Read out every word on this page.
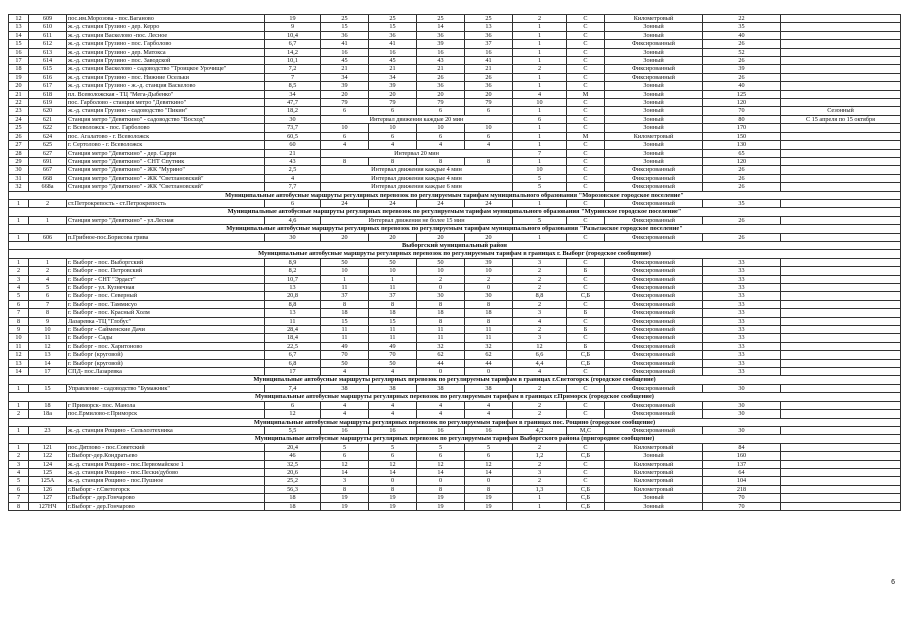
12	609	пос.им.Морозова - пос.Ваганово	19	25	25	25	25	2	С	Километровый	22		
13	610	ж.-д. станция Грузино - дер. Керро	9	15	15	14	13	1	С	Зонный	35		
14	611	ж.-д. станция Васкелово -пос. Лесное	10,4	36	36	36	36	1	С	Зонный	40		
15	612	ж.-д. станция Грузино - пос. Гарболово	6,7	41	41	39	37	1	С	Фиксированный	26		
16	613	ж.-д. станция Грузино - дер. Матокса	14,2	16	16	16	16	1	С	Зонный	52		
17	614	ж.-д. станция Грузино - пос. Заводской	10,1	45	45	43	41	1	С	Зонный	26		
18	615	ж.-д. станция Васкелово - садоводство "Троицкое Урочище"	7,2	21	21	21	21	2	С	Фиксированный	39		
19	616	ж.-д. станция Грузино - пос. Нижние Осельки	7	34	34	26	26	1	С	Фиксированный	26		
20	617	ж.-д. станция Грузино - ж.-д. станция Васкелово	8,5	39	39	36	36	1	С	Зонный	40		
21	618	пл. Всеволожская - ТЦ "Мега-Дыбенко"	34	20	20	20	20	4	М	Зонный	125		
22	619	пос. Гарболово - станция метро "Девяткино"	47,7	79	79	79	79	10	С	Зонный	120		
23	620	ж.-д. станция Грузино - садоводство "Пикин"	18,2	6	6	6	6	1	С	Зонный	70	Сезонный	
24	621	Станция метро "Девяткино" - садоводство "Восход"	30	Интервал движения каждые 20 мин				6	С	Зонный	80	С 15 апреля по 15 октября	
25	622	г. Всеволожск - пос. Гарболово	73,7	10	10	10	10	1	С	Зонный	170		
26	624	пос. Агалатово - г. Всеволожск	60,5	6	6	6	6	1	М	Километровый	150		
27	625	г. Сертолово - г. Всеволожск	60	4	4	4	4	1	С	Зонный	130		
28	627	Станция метро "Девяткино" - дер. Сарри	21	Интервал 20 мин				7	С	Зонный	65		
29	691	Станция метро "Девяткино" - СНТ Спутник	43	8	8	8	8	1	С	Зонный	120		
30	667	Станция метро "Девяткино" - ЖК "Мурино"	2,5	Интервал движения каждые 4 мин				10	С	Фиксированный	26		
31	668	Станция метро "Девяткино" - ЖК "Светлановский"	4	Интервал движения каждые 4 мин				5	С	Фиксированный	26		
32	668а	Станция метро "Девяткино" - ЖК "Светлановский"	7,7	Интервал движения каждые 6 мин				5	С	Фиксированный	26		
Муниципальные автобусные маршруты регулярных перевозок по регулируемым тарифам муниципального образования "Морозовское городское поселение"													
1	2	ст.Петрокрепость - ст.Петрокрепость	6	24	24	24	24	1	С	Фиксированный	35		
Муниципальные автобусные маршруты регулярных перевозок по регулируемым тарифам муниципального образования "Муринское городское поселение"													
1	1	Станция метро "Девяткино" - ул.Лесная	4,6	Интервал движения не более 15 мин				5	С	Фиксированный	26		
Муниципальные автобусные маршруты регулярных перевозок по регулируемым тарифам муниципального образования "Разьезжское городское поселение"													
1	606	п.Грибное-пос.Борисова грива	30	20	20	20	20	1	С	Фиксированный	26		
Выборгский муниципальный район													
Муниципальные автобусные маршруты регулярных перевозок по регулируемым тарифам в границах г. Выборг (городское сообщение)													
1	1	г. Выборг - пос. Выборгский	8,9	50	50	50	39	3	С	Фиксированный	33		
2	2	г. Выборг - пос. Петровский	8,2	10	10	10	10	2	Б	Фиксированный	33		
3	4	г. Выборг - СНТ "Эрдаст"	10,7	1	1	2	2	2	С	Фиксированный	33		
4	5	г. Выборг - ул. Кузнечная	13	11	11	0	0	2	С	Фиксированный	33		
5	6	г. Выборг - пос. Северный	20,8	37	37	30	30	8,8	С,Б	Фиксированный	33		
6	7	г. Выборг - пос. Таммисуо	8,8	8	8	8	8	2	С	Фиксированный	33		
7	8	г. Выборг - пос. Красный Холм	13	18	18	18	18	3	Б	Фиксированный	33		
8	9	Лазаревка -ТЦ "Глобус"	11	15	15	8	8	4	С	Фиксированный	33		
9	10	г. Выборг - Сайменские Дачи	28,4	11	11	11	11	2	Б	Фиксированный	33		
10	11	г. Выборг - Сады	18,4	11	11	11	11	3	С	Фиксированный	33		
11	12	г. Выборг - пос. Харитоново	22,5	49	49	32	32	12	Б	Фиксированный	33		
12	13	г. Выборг (круговой)	6,7	70	70	62	62	6,6	С,Б	Фиксированный	33		
13	14	г. Выборг (круговой)	6,8	50	50	44	44	4,4	С,Б	Фиксированный	33		
14	17	СПД- пос.Лазаревка	17	4	4	0	0	4	С	Фиксированный	33		
Муниципальные автобусные маршруты регулярных перевозок по регулируемым тарифам в границах г.Светогорск (городское сообщение)													
1	15	Управление - садоводство "Бумажник"	7,4	38	38	38	38	2	С	Фиксированный	30		
Муниципальные автобусные маршруты регулярных перевозок по регулируемым тарифам в границах г.Приморск (городское сообщение)													
1	18	г Приморск- пос. Манола	6	4	4	4	4	2	С	Фиксированный	30		
2	18а	пос.Ермилово-г.Приморск	12	4	4	4	4	2	С	Фиксированный	30		
Муниципальные автобусные маршруты регулярных перевозок по регулируемым тарифам в границах пос. Рощино (городское сообщение)													
1	23	ж.-д. станция Рощино - Сельхозтехника	5,5	16	16	16	16	4,2	М,С	Фиксированный	30		
Муниципальные автобусные маршруты регулярных перевозок по регулируемым тарифам Выборгского района (пригородное сообщение)													
1	121	пос.Дятлово - пос.Советский	20,4	5	5	5	5	2	С	Километровый	84		
2	122	г.Выборг-дер.Кондратьево	46	6	6	6	6	1,2	С,Б	Зонный	160		
3	124	ж.-д. станция Рощино - пос.Первомайское 1	32,5	12	12	12	12	2	С	Километровый	137		
4	125	ж.-д. станция Рощино - пос.Пески/дубово	20,6	14	14	14	14	3	С	Километровый	64		
5	125А	ж.-д. станция Рощино - пос.Пушное	25,2	3	0	0	0	2	С	Километровый	104		
6	126	г.Выборг - г.Светогорск	56,3	8	8	8	8	1,3	С,Б	Километровый	218		
7	127	г.Выборг - дер.Гончарово	18	19	19	19	19	1	С,Б	Зонный	70		
8	127НЧ	г.Выборг - дер.Гончарово	18	19	19	19	19	1	С,Б	Зонный	70		
6
